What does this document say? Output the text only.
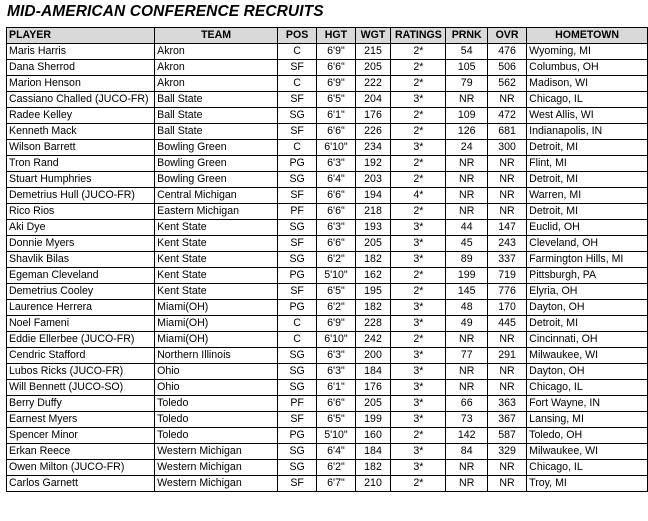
MID-AMERICAN CONFERENCE RECRUITS
PLAYER	TEAM	POS	HGT	WGT	RATINGS	PRNK	OVR	HOMETOWN
Maris Harris	Akron	C	6'9"	215	2*	54	476	Wyoming, MI
Dana Sherrod	Akron	SF	6'6"	205	2*	105	506	Columbus, OH
Marion Henson	Akron	C	6'9"	222	2*	79	562	Madison, WI
Cassiano Challed (JUCO-FR)	Ball State	SF	6'5"	204	3*	NR	NR	Chicago, IL
Radee Kelley	Ball State	SG	6'1"	176	2*	109	472	West Allis, WI
Kenneth Mack	Ball State	SF	6'6"	226	2*	126	681	Indianapolis, IN
Wilson Barrett	Bowling Green	C	6'10"	234	3*	24	300	Detroit, MI
Tron Rand	Bowling Green	PG	6'3"	192	2*	NR	NR	Flint, MI
Stuart Humphries	Bowling Green	SG	6'4"	203	2*	NR	NR	Detroit, MI
Demetrius Hull (JUCO-FR)	Central Michigan	SF	6'6"	194	4*	NR	NR	Warren, MI
Rico Rios	Eastern Michigan	PF	6'6"	218	2*	NR	NR	Detroit, MI
Aki Dye	Kent State	SG	6'3"	193	3*	44	147	Euclid, OH
Donnie Myers	Kent State	SF	6'6"	205	3*	45	243	Cleveland, OH
Shavlik Bilas	Kent State	SG	6'2"	182	3*	89	337	Farmington Hills, MI
Egeman Cleveland	Kent State	PG	5'10"	162	2*	199	719	Pittsburgh, PA
Demetrius Cooley	Kent State	SF	6'5"	195	2*	145	776	Elyria, OH
Laurence Herrera	Miami(OH)	PG	6'2"	182	3*	48	170	Dayton, OH
Noel Fameni	Miami(OH)	C	6'9"	228	3*	49	445	Detroit, MI
Eddie Ellerbee (JUCO-FR)	Miami(OH)	C	6'10"	242	2*	NR	NR	Cincinnati, OH
Cendric Stafford	Northern Illinois	SG	6'3"	200	3*	77	291	Milwaukee, WI
Lubos Ricks (JUCO-FR)	Ohio	SG	6'3"	184	3*	NR	NR	Dayton, OH
Will Bennett (JUCO-SO)	Ohio	SG	6'1"	176	3*	NR	NR	Chicago, IL
Berry Duffy	Toledo	PF	6'6"	205	3*	66	363	Fort Wayne, IN
Earnest Myers	Toledo	SF	6'5"	199	3*	73	367	Lansing, MI
Spencer Minor	Toledo	PG	5'10"	160	2*	142	587	Toledo, OH
Erkan Reece	Western Michigan	SG	6'4"	184	3*	84	329	Milwaukee, WI
Owen Milton (JUCO-FR)	Western Michigan	SG	6'2"	182	3*	NR	NR	Chicago, IL
Carlos Garnett	Western Michigan	SF	6'7"	210	2*	NR	NR	Troy, MI
